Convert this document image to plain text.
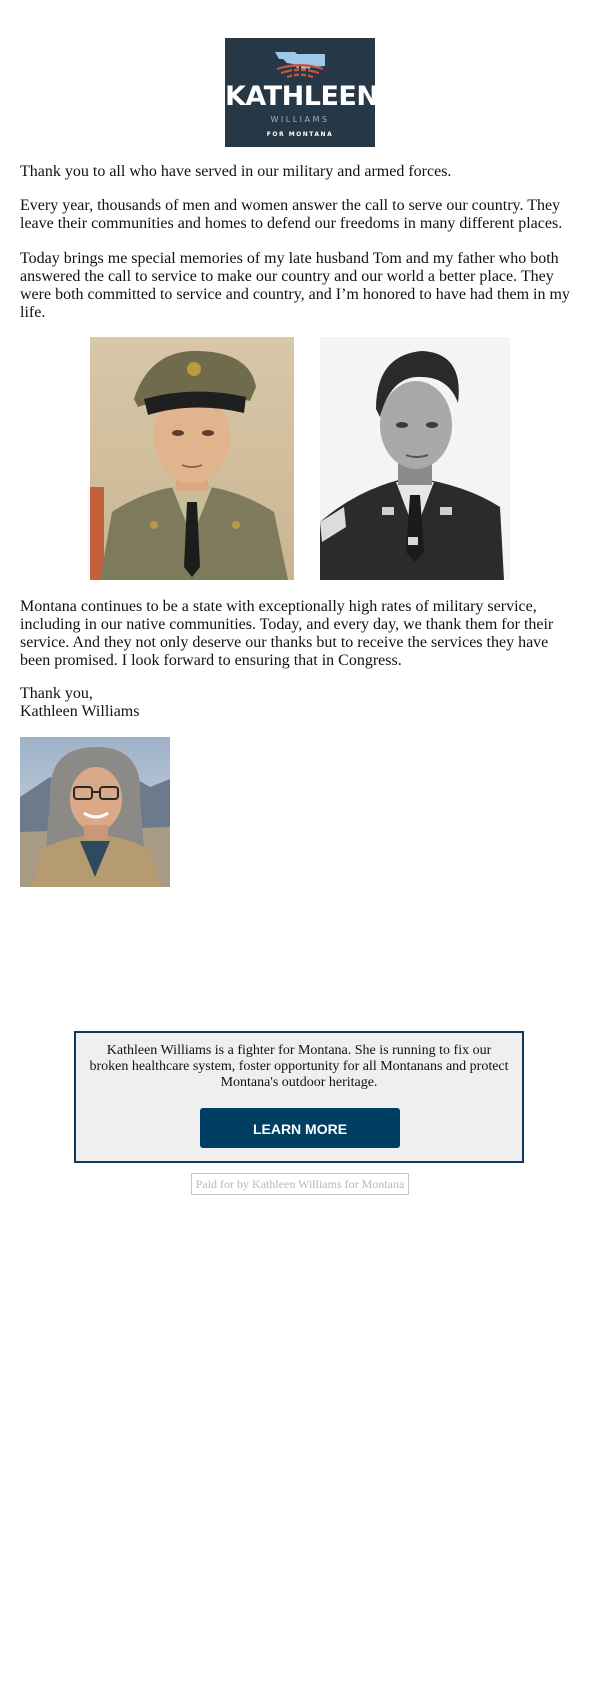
KATHLEEN
WILLIAMS
FOR MONTANA

Thank you to all who have served in our military and armed forces.

Every year, thousands of men and women answer the call to serve our country. They leave their communities and homes to defend our freedoms in many different places.

Today brings me special memories of my late husband Tom and my father who both answered the call to service to make our country and our world a better place. They were both committed to service and country, and I’m honored to have had them in my life.

Montana continues to be a state with exceptionally high rates of military service, including in our native communities. Today, and every day, we thank them for their service. And they not only deserve our thanks but to receive the services they have been promised. I look forward to ensuring that in Congress.

Thank you,

Kathleen Williams

Kathleen Williams is a fighter for Montana. She is running to fix our broken healthcare system, foster opportunity for all Montanans and protect Montana's outdoor heritage.
LEARN MORE
Paid for by Kathleen Williams for Montana
